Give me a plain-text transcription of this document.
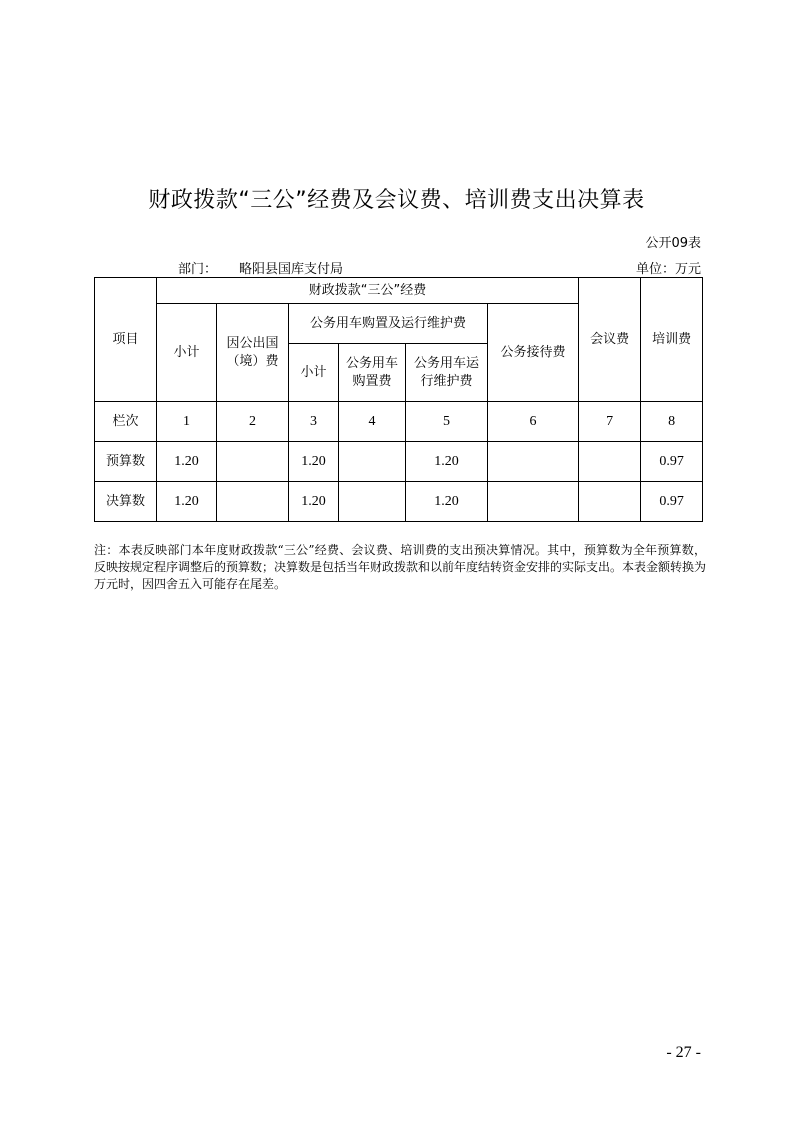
财政拨款“三公”经费及会议费、培训费支出决算表
公开09表
部门： 略阳县国库支付局	单位：万元
项目	财政拨款“三公”经费						会议费	培训费
	小计	因公出国（境）费	公务用车购置及运行维护费			公务接待费		
			小计	公务用车购置费	公务用车运行维护费			
栏次	1	2	3	4	5	6	7	8
预算数	1.20		1.20		1.20			0.97
决算数	1.20		1.20		1.20			0.97
注：本表反映部门本年度财政拨款“三公”经费、会议费、培训费的支出预决算情况。其中，预算数为全年预算数，反映按规定程序调整后的预算数；决算数是包括当年财政拨款和以前年度结转资金安排的实际支出。本表金额转换为万元时，因四舍五入可能存在尾差。
- 27 -
